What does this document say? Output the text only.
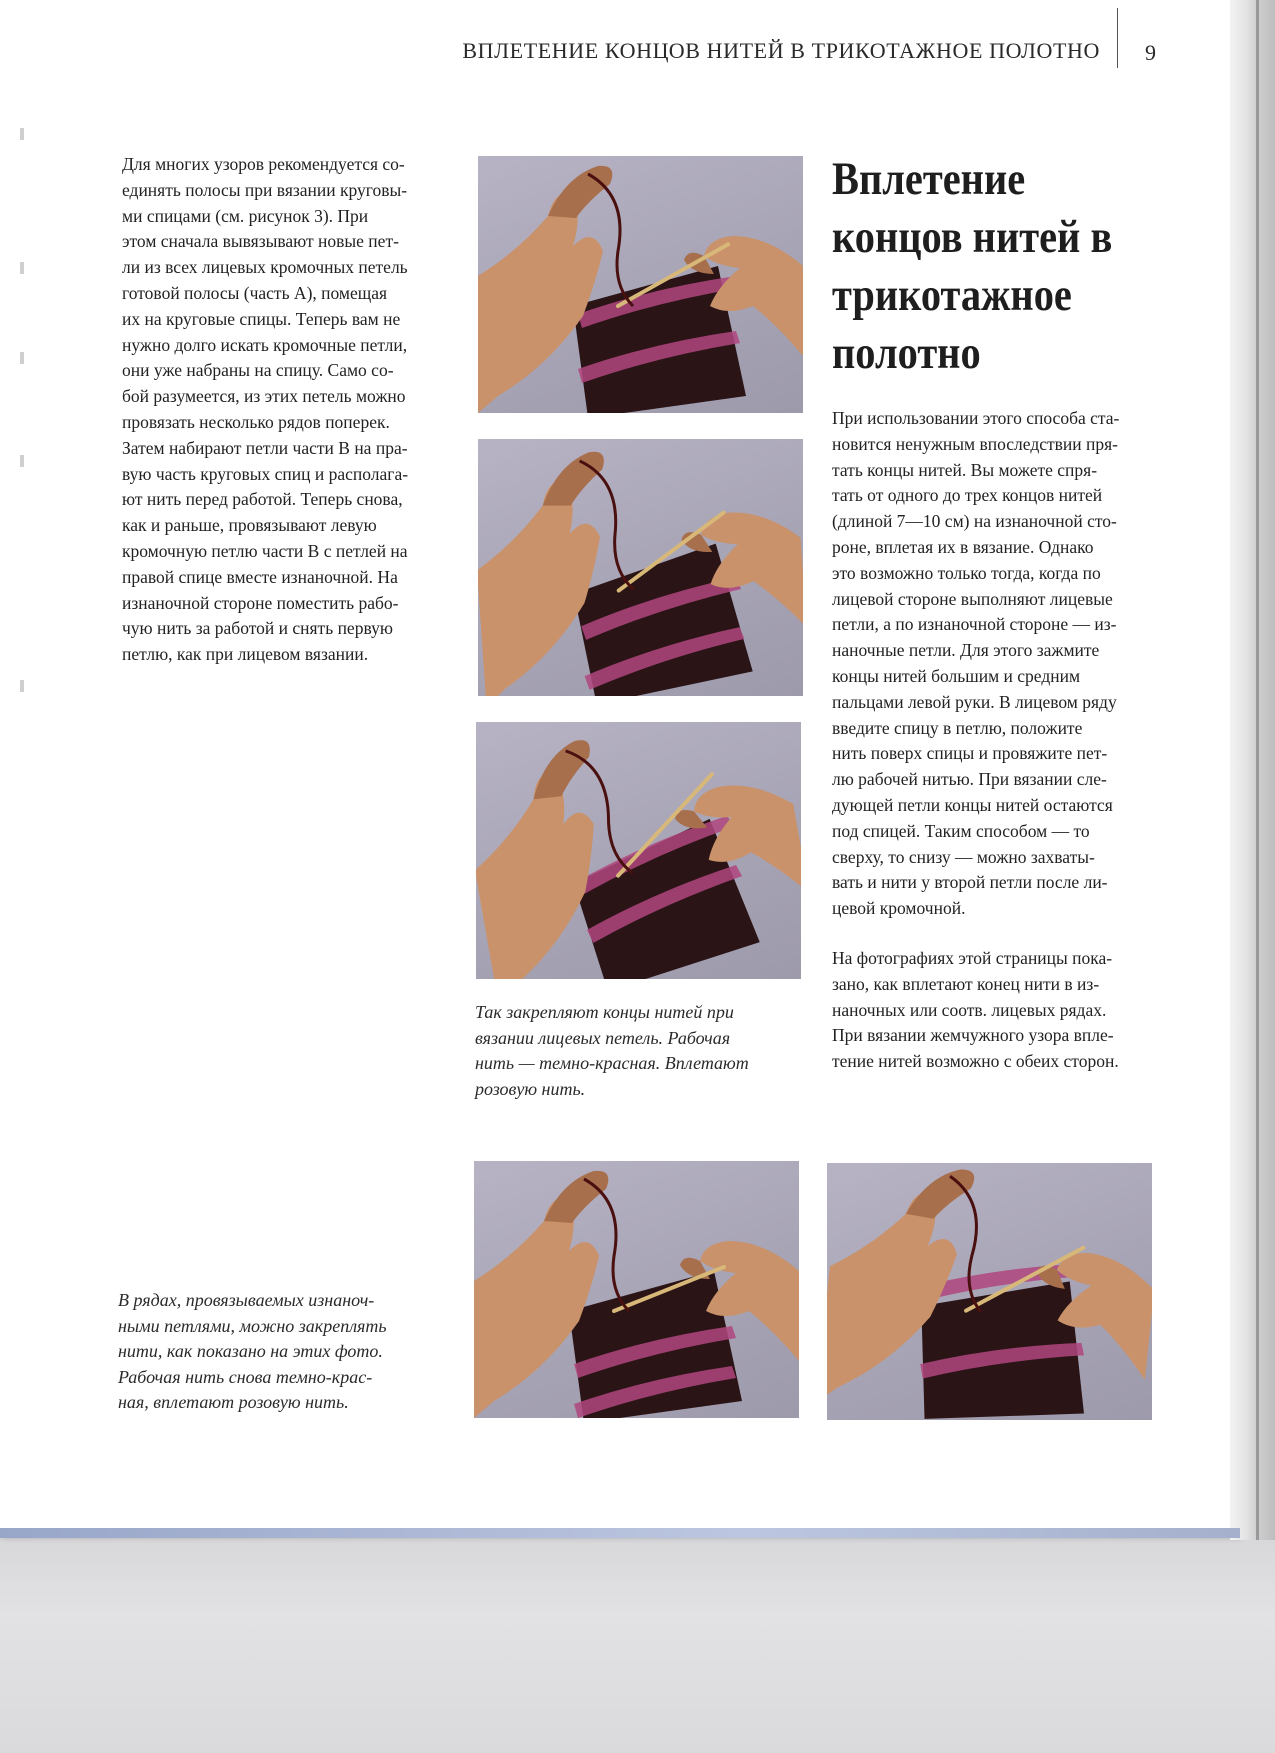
ВПЛЕТЕНИЕ КОНЦОВ НИТЕЙ В ТРИКОТАЖНОЕ ПОЛОТНО 9

Для многих узоров рекомендуется со-
единять полосы при вязании круговы-
ми спицами (см. рисунок 3). При
этом сначала вывязывают новые пет-
ли из всех лицевых кромочных петель
готовой полосы (часть А), помещая
их на круговые спицы. Теперь вам не
нужно долго искать кромочные петли,
они уже набраны на спицу. Само со-
бой разумеется, из этих петель можно
провязать несколько рядов поперек.
Затем набирают петли части В на пра-
вую часть круговых спиц и располага-
ют нить перед работой. Теперь снова,
как и раньше, провязывают левую
кромочную петлю части В с петлей на
правой спице вместе изнаночной. На
изнаночной стороне поместить рабо-
чую нить за работой и снять первую
петлю, как при лицевом вязании.

Вплетение
концов нитей в
трикотажное
полотно

При использовании этого способа ста-
новится ненужным впоследствии пря-
тать концы нитей. Вы можете спря-
тать от одного до трех концов нитей
(длиной 7—10 см) на изнаночной сто-
роне, вплетая их в вязание. Однако
это возможно только тогда, когда по
лицевой стороне выполняют лицевые
петли, а по изнаночной стороне — из-
наночные петли. Для этого зажмите
концы нитей большим и средним
пальцами левой руки. В лицевом ряду
введите спицу в петлю, положите
нить поверх спицы и провяжите пет-
лю рабочей нитью. При вязании сле-
дующей петли концы нитей остаются
под спицей. Таким способом — то
сверху, то снизу — можно захваты-
вать и нити у второй петли после ли-
цевой кромочной.

На фотографиях этой страницы пока-
зано, как вплетают конец нити в из-
наночных или соотв. лицевых рядах.
При вязании жемчужного узора впле-
тение нитей возможно с обеих сторон.

Так закрепляют концы нитей при
вязании лицевых петель. Рабочая
нить — темно-красная. Вплетают
розовую нить.
В рядах, провязываемых изнаноч-
ными петлями, можно закреплять
нити, как показано на этих фото.
Рабочая нить снова темно-крас-
ная, вплетают розовую нить.
